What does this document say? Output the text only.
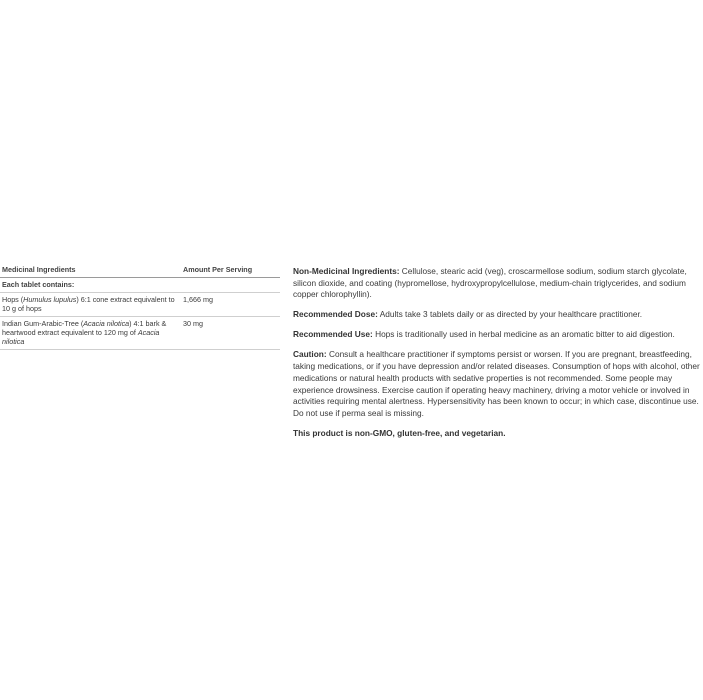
Medicinal Ingredients	Amount Per Serving
Each tablet contains:
Hops (Humulus lupulus) 6:1 cone extract equivalent to 10 g of hops
1,666 mg
Indian Gum-Arabic-Tree (Acacia nilotica) 4:1 bark & heartwood extract equivalent to 120 mg of Acacia nilotica
30 mg

Non-Medicinal Ingredients: Cellulose, stearic acid (veg), croscarmellose sodium, sodium starch glycolate, silicon dioxide, and coating (hypromellose, hydroxypropylcellulose, medium-chain triglycerides, and sodium copper chlorophyllin).

Recommended Dose: Adults take 3 tablets daily or as directed by your healthcare practitioner.

Recommended Use: Hops is traditionally used in herbal medicine as an aromatic bitter to aid digestion.

Caution: Consult a healthcare practitioner if symptoms persist or worsen. If you are pregnant, breastfeeding, taking medications, or if you have depression and/or related diseases. Consumption of hops with alcohol, other medications or natural health products with sedative properties is not recommended. Some people may experience drowsiness. Exercise caution if operating heavy machinery, driving a motor vehicle or involved in activities requiring mental alertness. Hypersensitivity has been known to occur; in which case, discontinue use. Do not use if perma seal is missing.

This product is non-GMO, gluten-free, and vegetarian.
